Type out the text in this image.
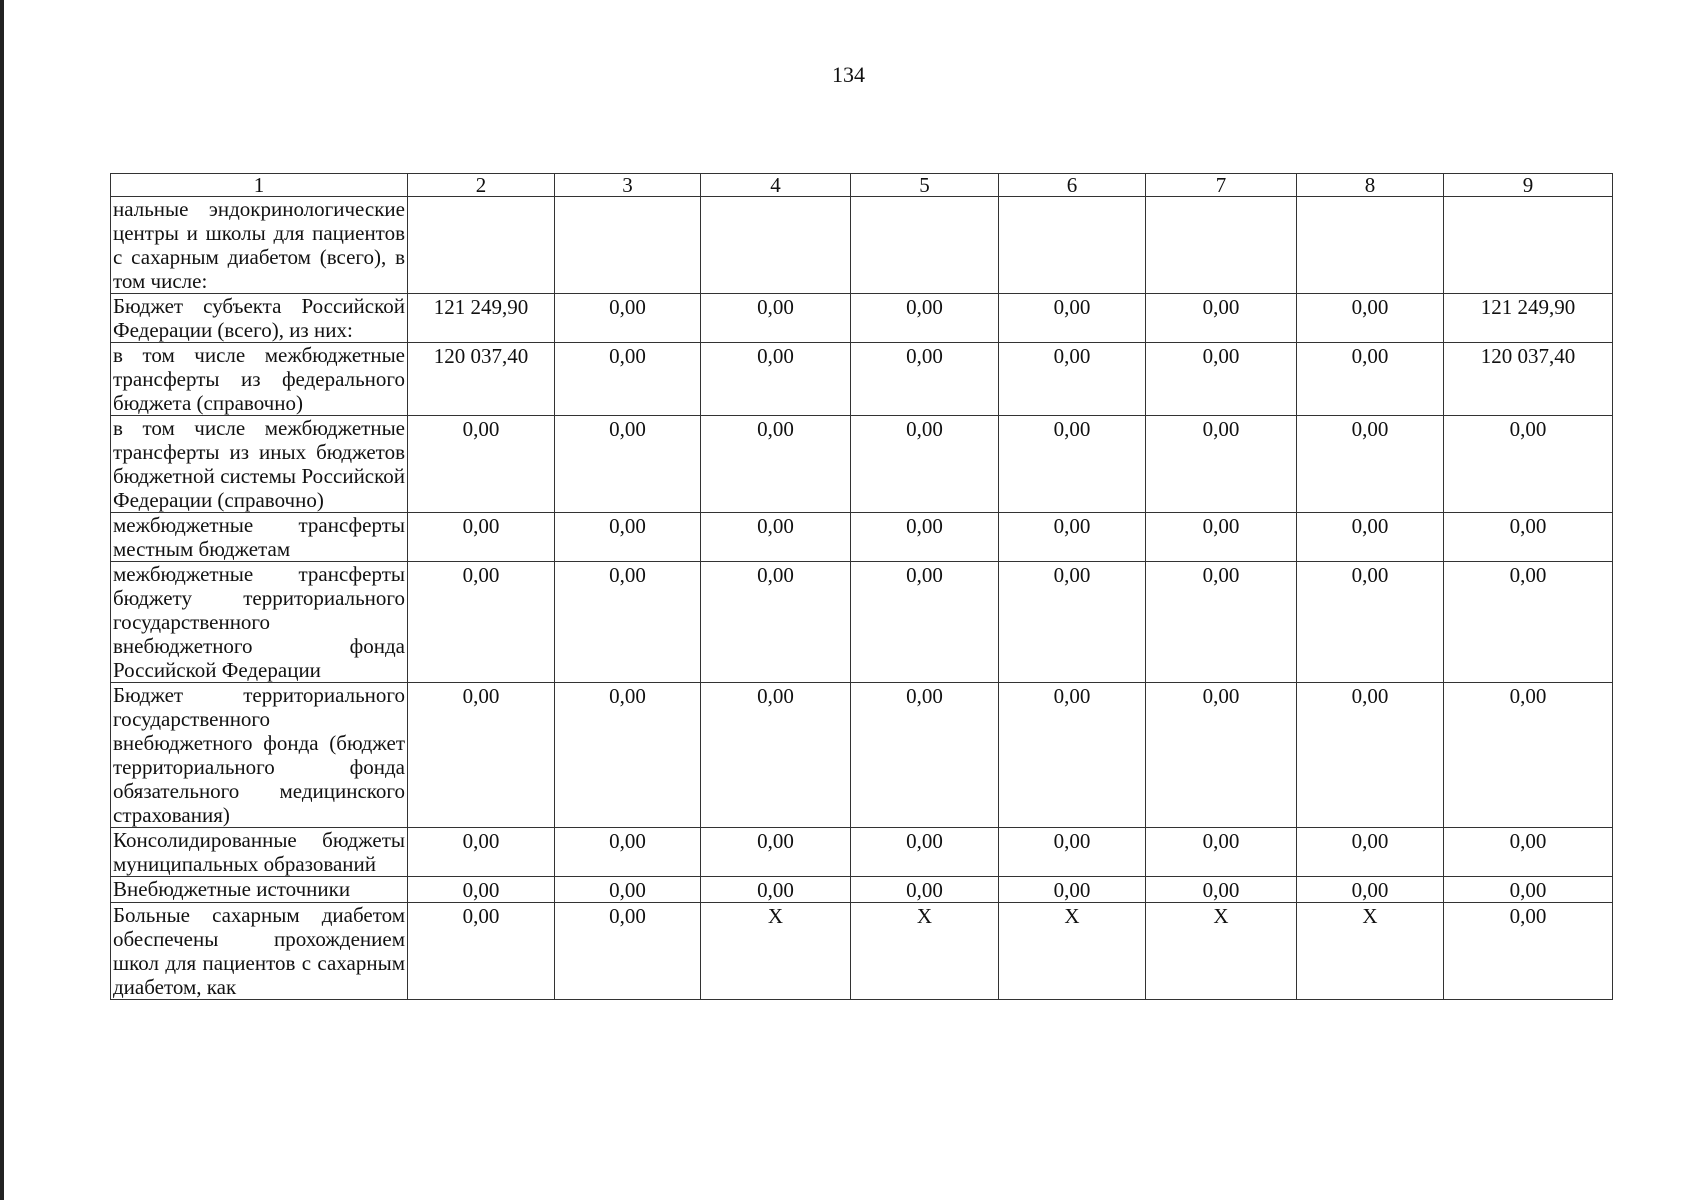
134
1	2	3	4	5	6	7	8	9
нальные эндокринологические центры и школы для пациентов с сахарным диабетом (всего), в том числе:								
Бюджет субъекта Российской Федерации (всего), из них:	121 249,90	0,00	0,00	0,00	0,00	0,00	0,00	121 249,90
в том числе межбюджетные трансферты из федерального бюджета (справочно)	120 037,40	0,00	0,00	0,00	0,00	0,00	0,00	120 037,40
в том числе межбюджетные трансферты из иных бюджетов бюджетной системы Российской Федерации (справочно)	0,00	0,00	0,00	0,00	0,00	0,00	0,00	0,00
межбюджетные трансферты местным бюджетам	0,00	0,00	0,00	0,00	0,00	0,00	0,00	0,00
межбюджетные трансферты бюджету территориального государственного внебюджетного фонда Российской Федерации	0,00	0,00	0,00	0,00	0,00	0,00	0,00	0,00
Бюджет территориального государственного внебюджетного фонда (бюджет территориального фонда обязательного медицинского страхования)	0,00	0,00	0,00	0,00	0,00	0,00	0,00	0,00
Консолидированные бюджеты муниципальных образований	0,00	0,00	0,00	0,00	0,00	0,00	0,00	0,00
Внебюджетные источники	0,00	0,00	0,00	0,00	0,00	0,00	0,00	0,00
Больные сахарным диабетом обеспечены прохождением школ для пациентов с сахарным диабетом, как	0,00	0,00	X	X	X	X	X	0,00
